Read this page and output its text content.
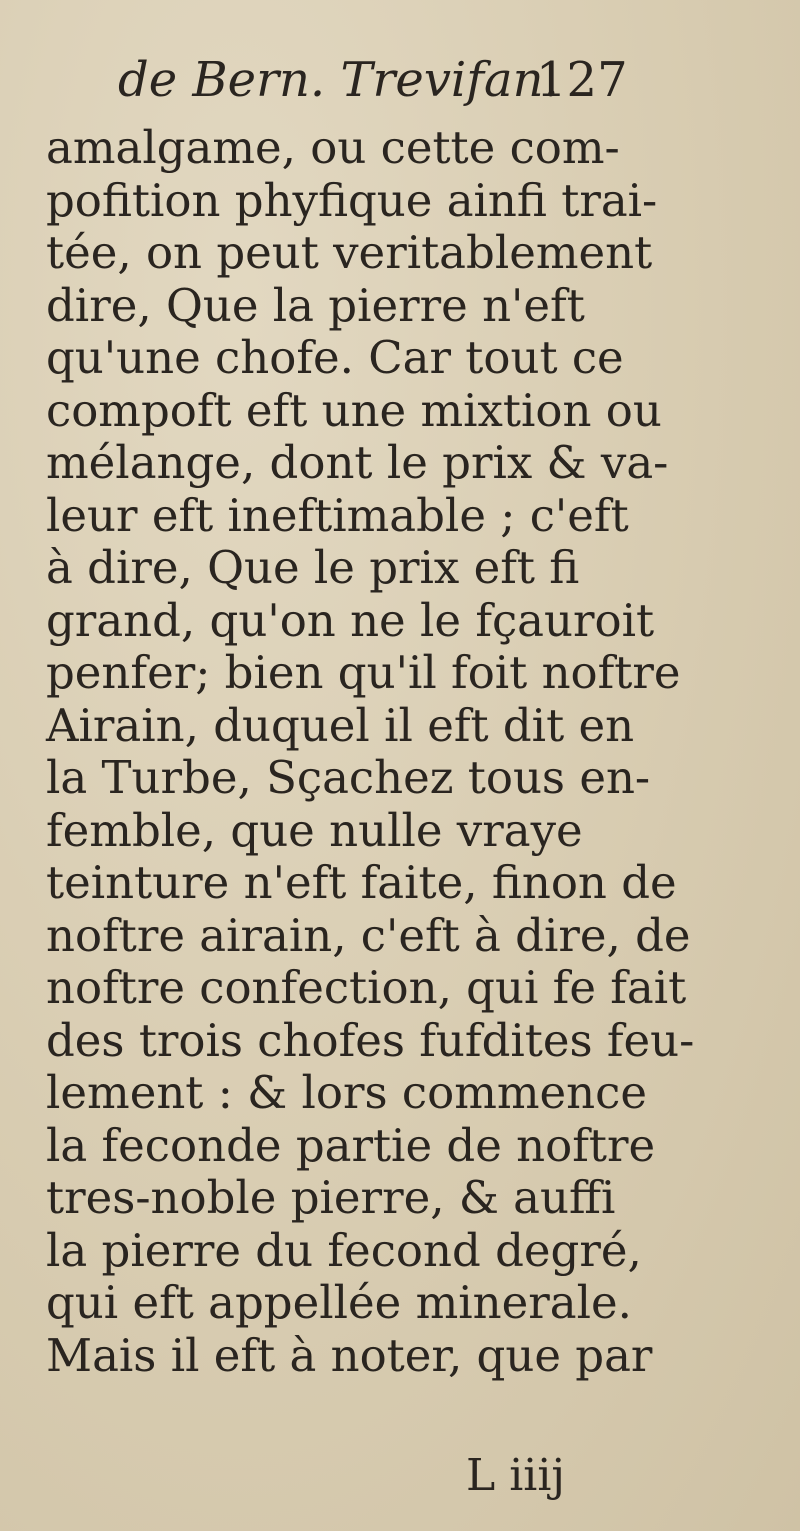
de Bern. Trevifan.
127
amalgame, ou cette com-
pofition phyfique ainfi trai-
tée, on peut veritablement
dire, Que la pierre n'eft
qu'une chofe. Car tout ce
compoft eft une mixtion ou
mélange, dont le prix & va-
leur eft ineftimable ; c'eft
à dire, Que le prix eft fi
grand, qu'on ne le fçauroit
penfer; bien qu'il foit noftre
Airain, duquel il eft dit en
la Turbe, Sçachez tous en-
femble, que nulle vraye
teinture n'eft faite, finon de
noftre airain, c'eft à dire, de
noftre confection, qui fe fait
des trois chofes fufdites feu-
lement : & lors commence
la feconde partie de noftre
tres-noble pierre, & auffi
la pierre du fecond degré,
qui eft appellée minerale.
Mais il eft à noter, que par
L iiij
